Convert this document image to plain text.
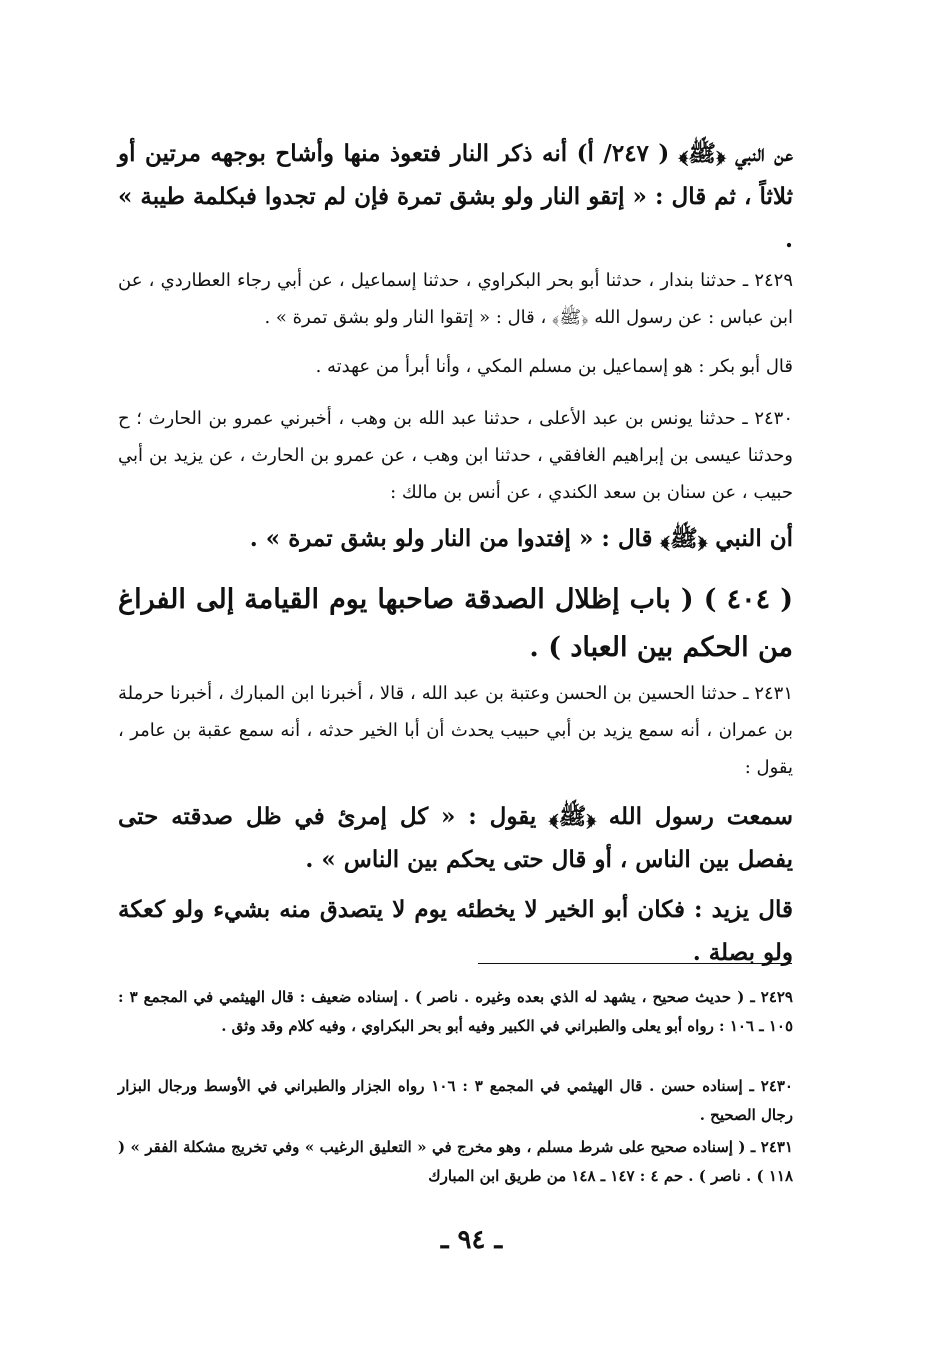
عن النبي ﴿ﷺ﴾ ( ٢٤٧/ أ) أنه ذكر النار فتعوذ منها وأشاح بوجهه مرتين أو ثلاثاً ، ثم قال : « إتقو النار ولو بشق تمرة فإن لم تجدوا فبكلمة طيبة » .

٢٤٢٩ ـ حدثنا بندار ، حدثنا أبو بحر البكراوي ، حدثنا إسماعيل ، عن أبي رجاء العطاردي ، عن ابن عباس : عن رسول الله ﴿ﷺ﴾ ، قال : « إتقوا النار ولو بشق تمرة » .

قال أبو بكر : هو إسماعيل بن مسلم المكي ، وأنا أبرأ من عهدته .

٢٤٣٠ ـ حدثنا يونس بن عبد الأعلى ، حدثنا عبد الله بن وهب ، أخبرني عمرو بن الحارث ؛ ح وحدثنا عيسى بن إبراهيم الغافقي ، حدثنا ابن وهب ، عن عمرو بن الحارث ، عن يزيد بن أبي حبيب ، عن سنان بن سعد الكندي ، عن أنس بن مالك :

أن النبي ﴿ﷺ﴾ قال : « إفتدوا من النار ولو بشق تمرة » .

( ٤٠٤ ) ( باب إظلال الصدقة صاحبها يوم القيامة إلى الفراغ من الحكم بين العباد ) .

٢٤٣١ ـ حدثنا الحسين بن الحسن وعتبة بن عبد الله ، قالا ، أخبرنا ابن المبارك ، أخبرنا حرملة بن عمران ، أنه سمع يزيد بن أبي حبيب يحدث أن أبا الخير حدثه ، أنه سمع عقبة بن عامر ، يقول :

سمعت رسول الله ﴿ﷺ﴾ يقول : « كل إمرئ في ظل صدقته حتى يفصل بين الناس ، أو قال حتى يحكم بين الناس » .

قال يزيد : فكان أبو الخير لا يخطئه يوم لا يتصدق منه بشيء ولو كعكة ولو بصلة .

٢٤٢٩ ـ ( حديث صحيح ، يشهد له الذي بعده وغيره . ناصر ) . إسناده ضعيف : قال الهيثمي في المجمع ٣ : ١٠٥ ـ ١٠٦ : رواه أبو يعلى والطبراني في الكبير وفيه أبو بحر البكراوي ، وفيه كلام وقد وثق .

٢٤٣٠ ـ إسناده حسن . قال الهيثمي في المجمع ٣ : ١٠٦ رواه الجزار والطبراني في الأوسط ورجال البزار رجال الصحيح .

٢٤٣١ ـ ( إسناده صحيح على شرط مسلم ، وهو مخرج في « التعليق الرغيب » وفي تخريج مشكلة الفقر » ( ١١٨ ) . ناصر ) . حم ٤ : ١٤٧ ـ ١٤٨ من طريق ابن المبارك

ـ ٩٤ ـ
